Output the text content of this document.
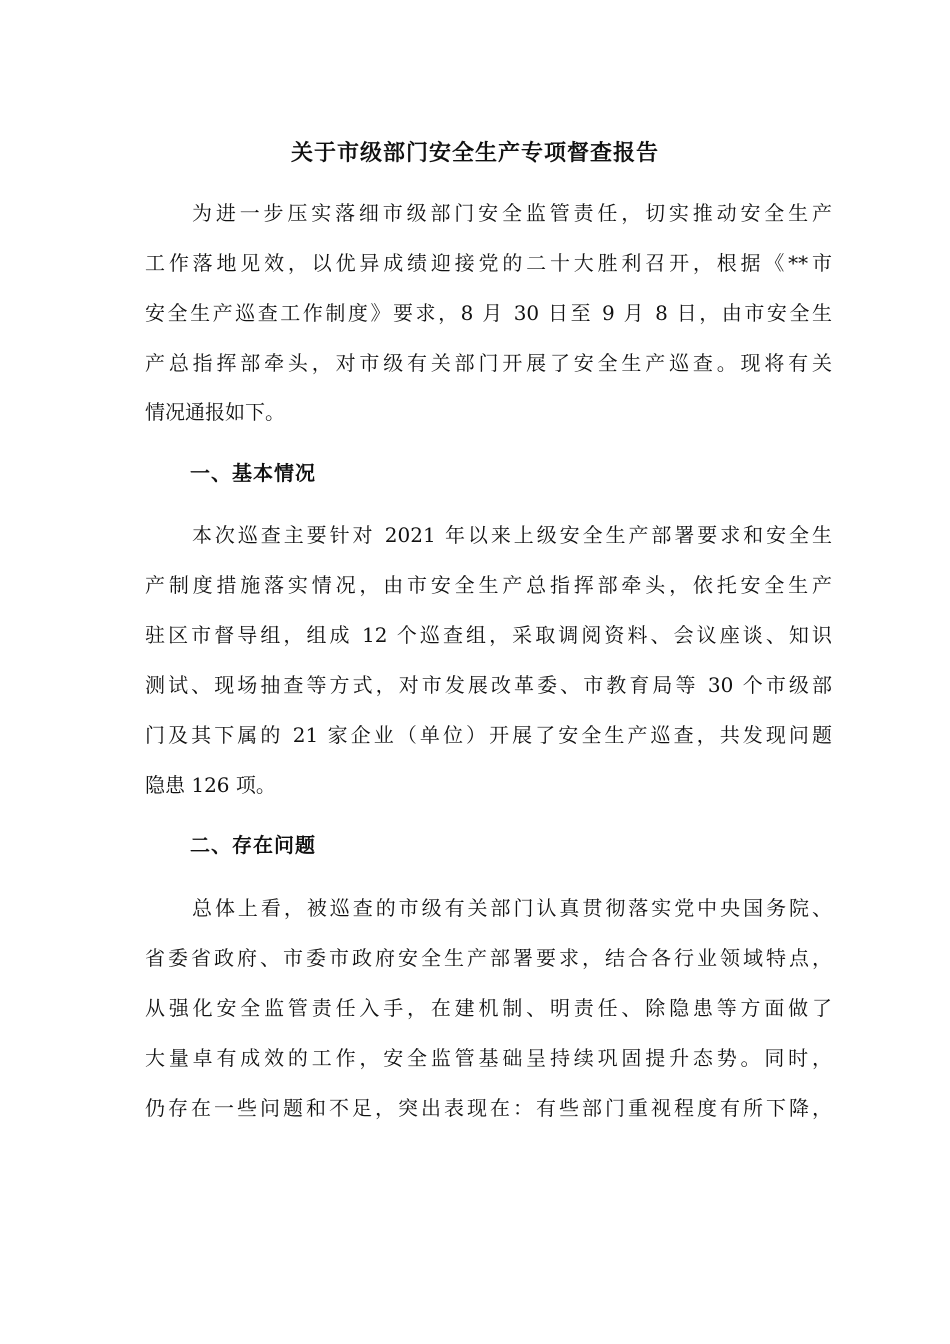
关于市级部门安全生产专项督查报告
为进一步压实落细市级部门安全监管责任，切实推动安全生产
工作落地见效，以优异成绩迎接党的二十大胜利召开，根据《**市
安全生产巡查工作制度》要求，8 月 30 日至 9 月 8 日，由市安全生
产总指挥部牵头，对市级有关部门开展了安全生产巡查。现将有关
情况通报如下。
一、基本情况
本次巡查主要针对 2021 年以来上级安全生产部署要求和安全生
产制度措施落实情况，由市安全生产总指挥部牵头，依托安全生产
驻区市督导组，组成 12 个巡查组，采取调阅资料、会议座谈、知识
测试、现场抽查等方式，对市发展改革委、市教育局等 30 个市级部
门及其下属的 21 家企业（单位）开展了安全生产巡查，共发现问题
隐患 126 项。
二、存在问题
总体上看，被巡查的市级有关部门认真贯彻落实党中央国务院、
省委省政府、市委市政府安全生产部署要求，结合各行业领域特点，
从强化安全监管责任入手，在建机制、明责任、除隐患等方面做了
大量卓有成效的工作，安全监管基础呈持续巩固提升态势。同时，
仍存在一些问题和不足，突出表现在：有些部门重视程度有所下降，
